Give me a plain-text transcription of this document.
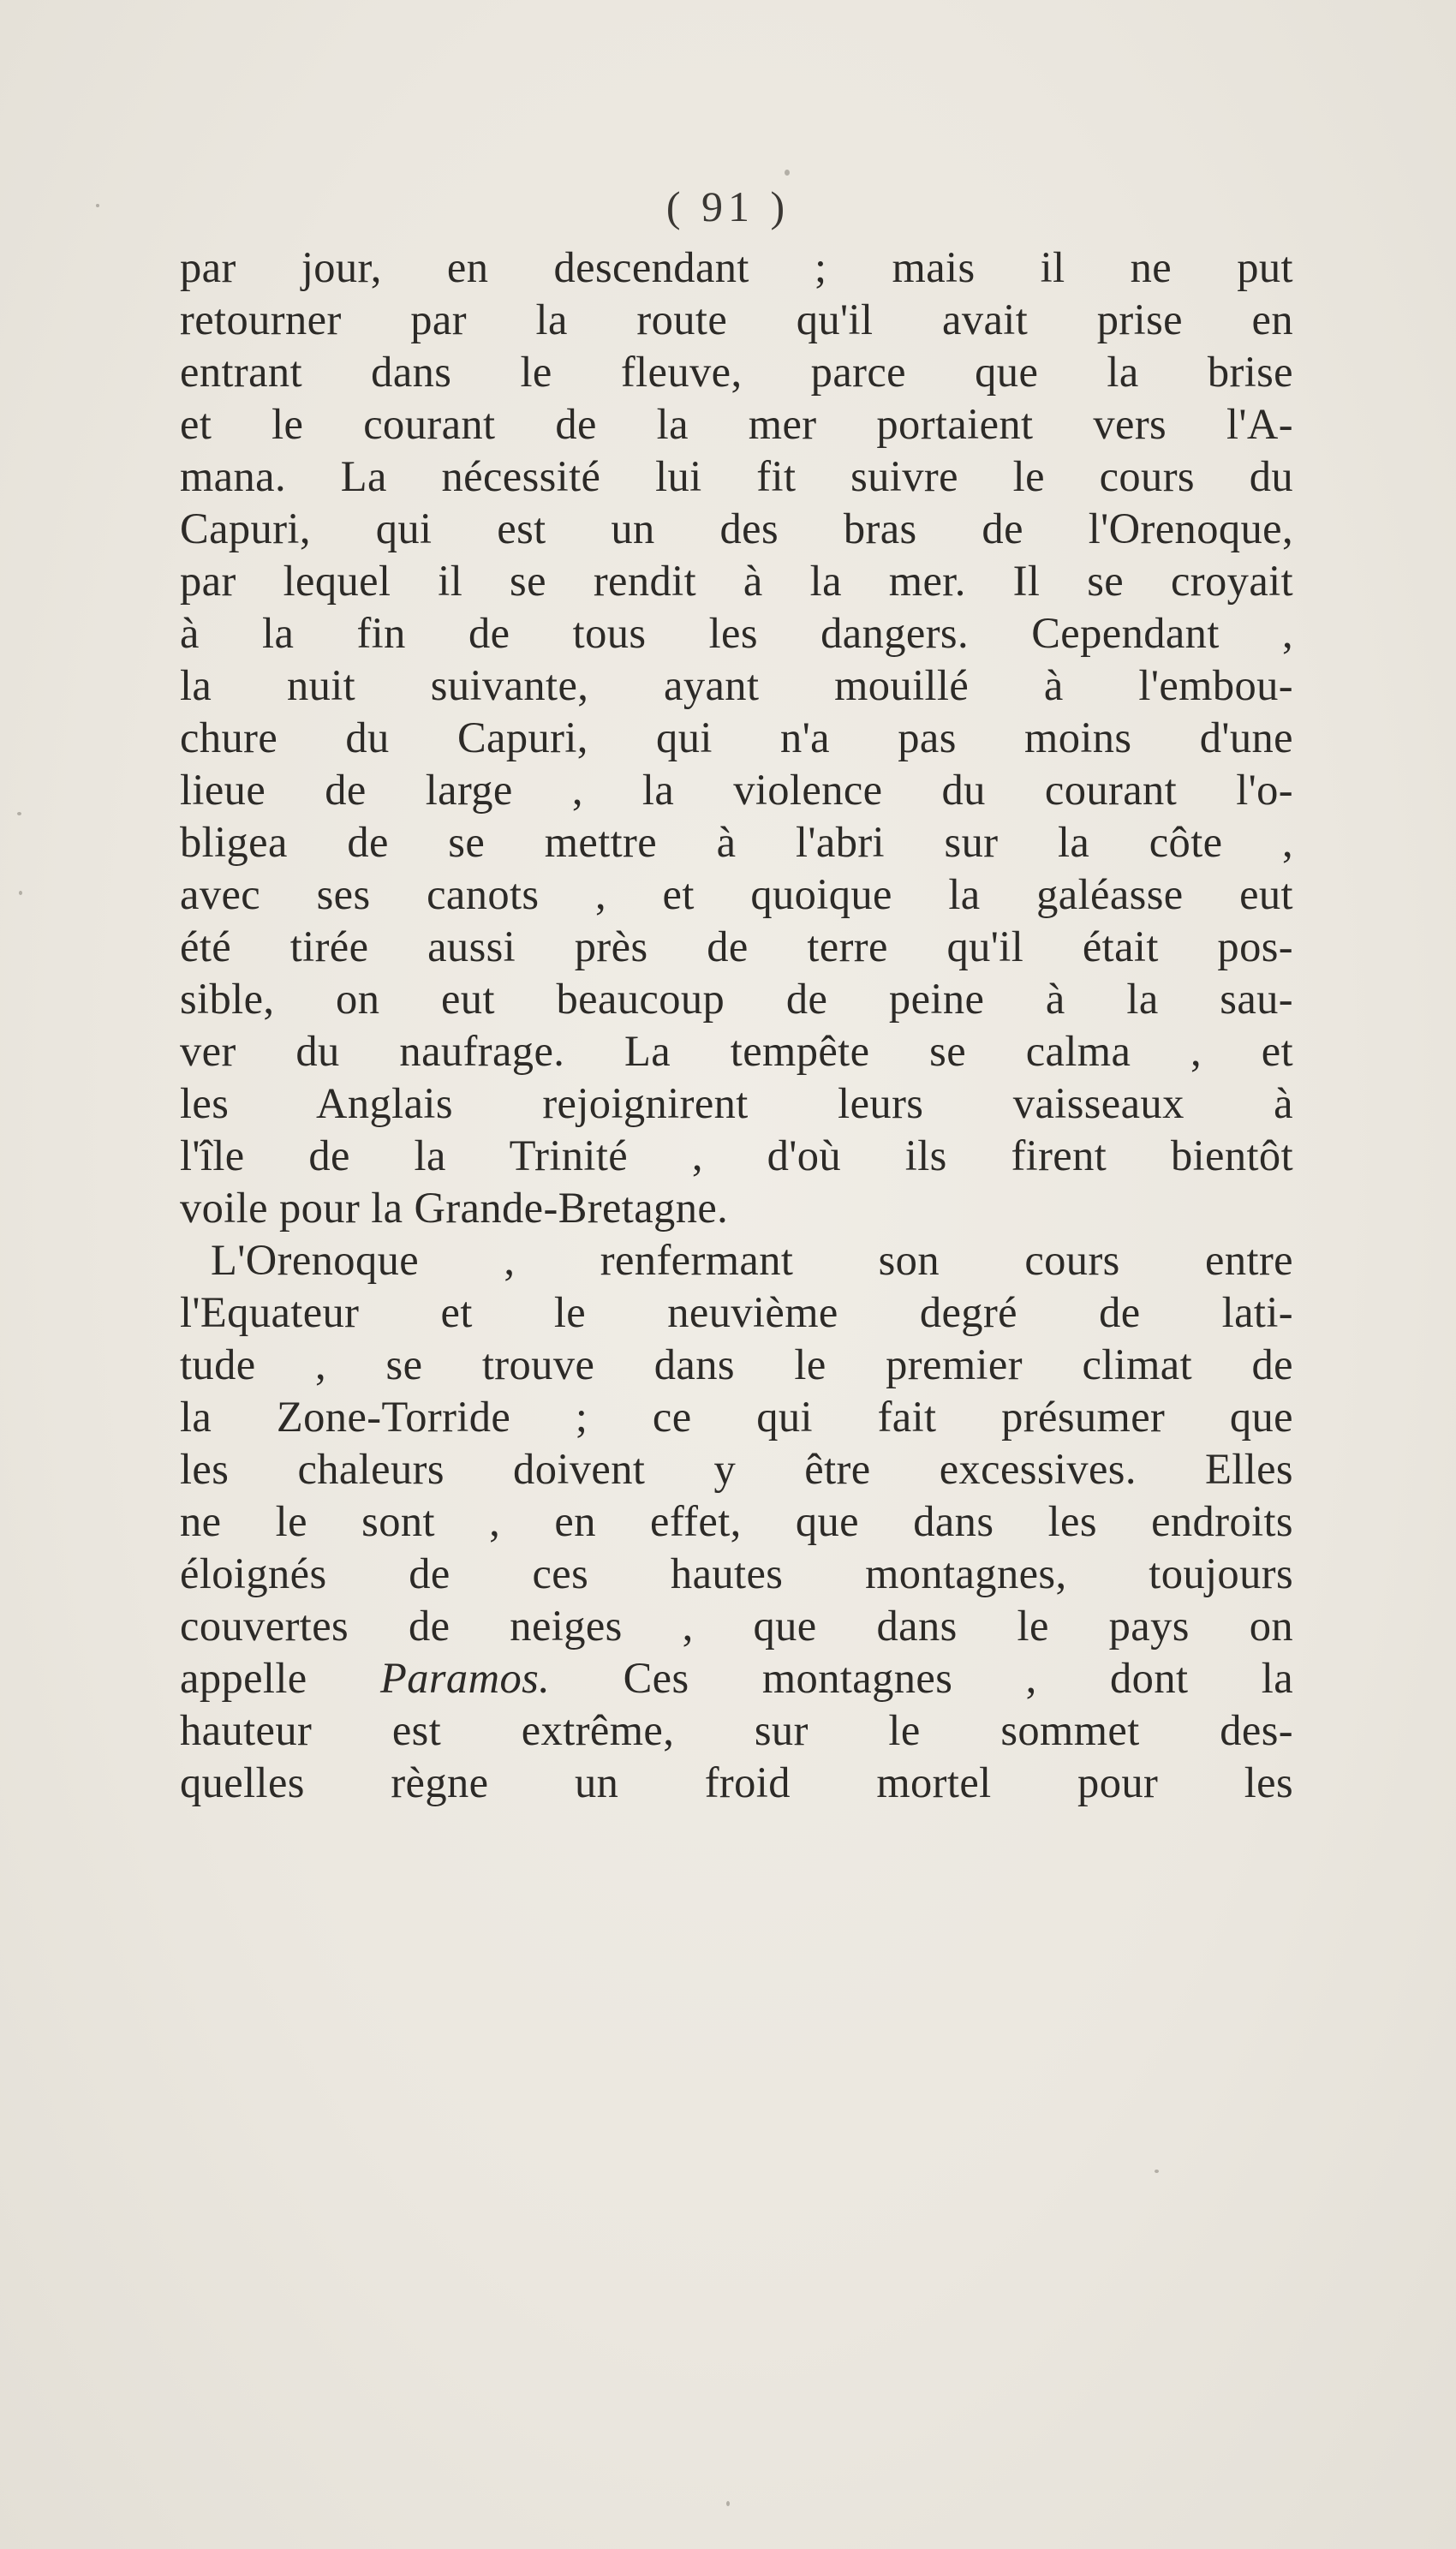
( 91 )
par jour, en descendant ; mais il ne put
retourner par la route qu'il avait prise en
entrant dans le fleuve, parce que la brise
et le courant de la mer portaient vers l'A-
mana. La nécessité lui fit suivre le cours du
Capuri, qui est un des bras de l'Orenoque,
par lequel il se rendit à la mer. Il se croyait
à la fin de tous les dangers. Cependant ,
la nuit suivante, ayant mouillé à l'embou-
chure du Capuri, qui n'a pas moins d'une
lieue de large , la violence du courant l'o-
bligea de se mettre à l'abri sur la côte ,
avec ses canots , et quoique la galéasse eut
été tirée aussi près de terre qu'il était pos-
sible, on eut beaucoup de peine à la sau-
ver du naufrage. La tempête se calma , et
les Anglais rejoignirent leurs vaisseaux à
l'île de la Trinité , d'où ils firent bientôt
voile pour la Grande-Bretagne.
L'Orenoque , renfermant son cours entre
l'Equateur et le neuvième degré de lati-
tude , se trouve dans le premier climat de
la Zone-Torride ; ce qui fait présumer que
les chaleurs doivent y être excessives. Elles
ne le sont , en effet, que dans les endroits
éloignés de ces hautes montagnes, toujours
couvertes de neiges , que dans le pays on
appelle Paramos. Ces montagnes , dont la
hauteur est extrême, sur le sommet des-
quelles règne un froid mortel pour les
